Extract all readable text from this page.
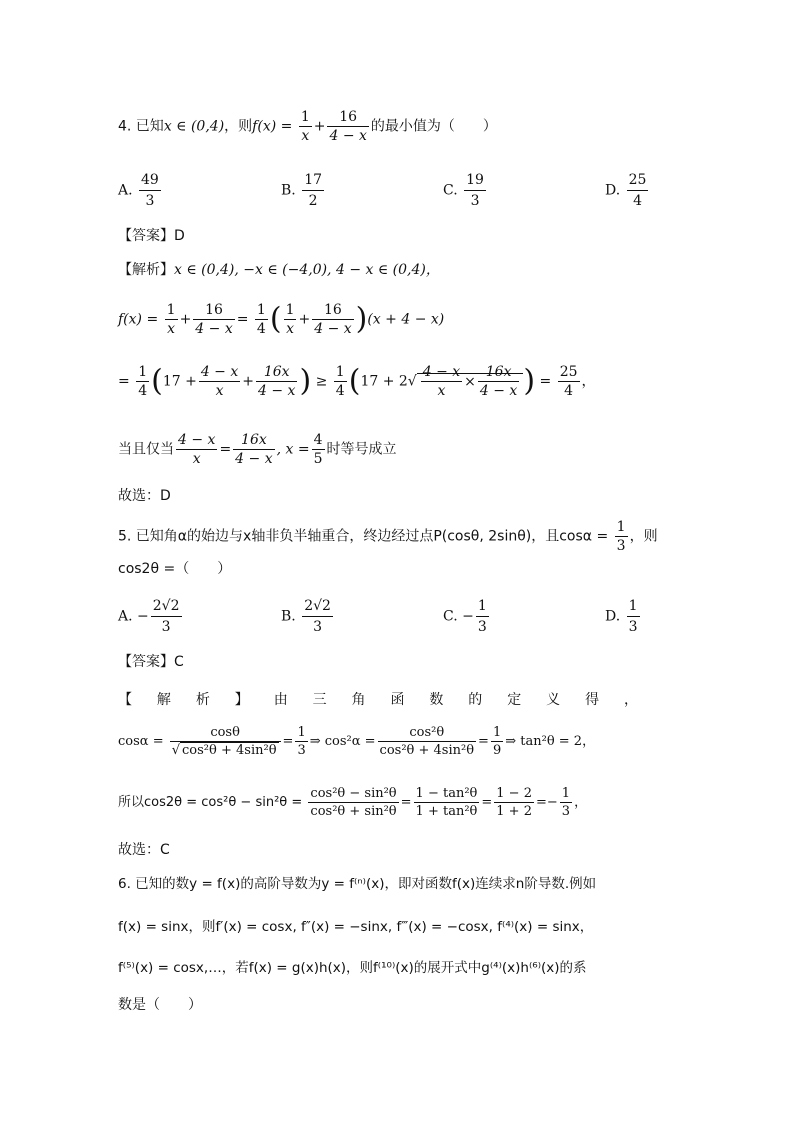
4. 已知x ∈ (0,4)，则$f(x) = \frac{1}{x} + \frac{16}{4 - x}$ 的最小值为（　　）
A. $\frac{49}{3}$	B. $\frac{17}{2}$	C. $\frac{19}{3}$	D. $\frac{25}{4}$
【答案】D
【解析】x ∈ (0,4), −x ∈ (−4,0), 4 − x ∈ (0,4)，
$f(x) = \frac{1}{x} + \frac{16}{4 - x} = \frac{1}{4}$ ( $\frac{1}{x} + \frac{16}{4 - x} )(x + 4 - x)$
= $\frac{1}{4} (17 + \frac{4 - x}{x} + \frac{16x}{4 - x}$ ) ≥ $\frac{1}{4} (17 + 2√ \frac{4 - x}{x} \times \frac{16x}{4 - x}$ ) = $\frac{25}{4}$ ，
当且仅当 $\frac{4 - x}{x} = \frac{16x}{4 - x}$ , $x = \frac{4}{5}$ 时等号成立
故选：D
5. 已知角α的始边与x轴非负半轴重合，终边经过点P(cosθ, 2sinθ)，且$\cos\alpha = \frac{1}{3}$ ，则
cos2θ =（　　）
A. − $\frac{2√2}{3}$	B. $\frac{2√2}{3}$	C. − $\frac{1}{3}$	D. $\frac{1}{3}$
【答案】C
【 解 析 】 由 三 角 函 数 的 定 义 得 ，
$\cos\alpha = \frac{\cos\theta}{\text{√ cos²θ + 4sin²θ}} = \frac{1}{3}$ ⇒ $\cos^2\alpha = \frac{\text{cos²θ}}{\text{cos²θ + 4sin²θ}} = \frac{1}{9}$ ⇒ tan²θ = 2，
所以$\cos 2\theta = \cos^2\theta - \sin^2\theta = \frac{\text{cos²θ − sin²θ}}{\text{cos²θ + sin²θ}} = \frac{\text{1 − tan²θ}}{\text{1 + tan²θ}} = \frac{1 - 2}{1 + 2} =- \frac{1}{3}$ ，
故选：C
6. 已知的数y = f(x)的高阶导数为y = f⁽ⁿ⁾(x)，即对函数f(x)连续求n阶导数.例如
f(x) = sinx，则f′(x) = cosx, f″(x) = −sinx, f‴(x) = −cosx, f⁽⁴⁾(x) = sinx，
f⁽⁵⁾(x) = cosx,…，若f(x) = g(x)h(x)，则f⁽¹⁰⁾(x)的展开式中g⁽⁴⁾(x)h⁽⁶⁾(x)的系
数是（　　）
